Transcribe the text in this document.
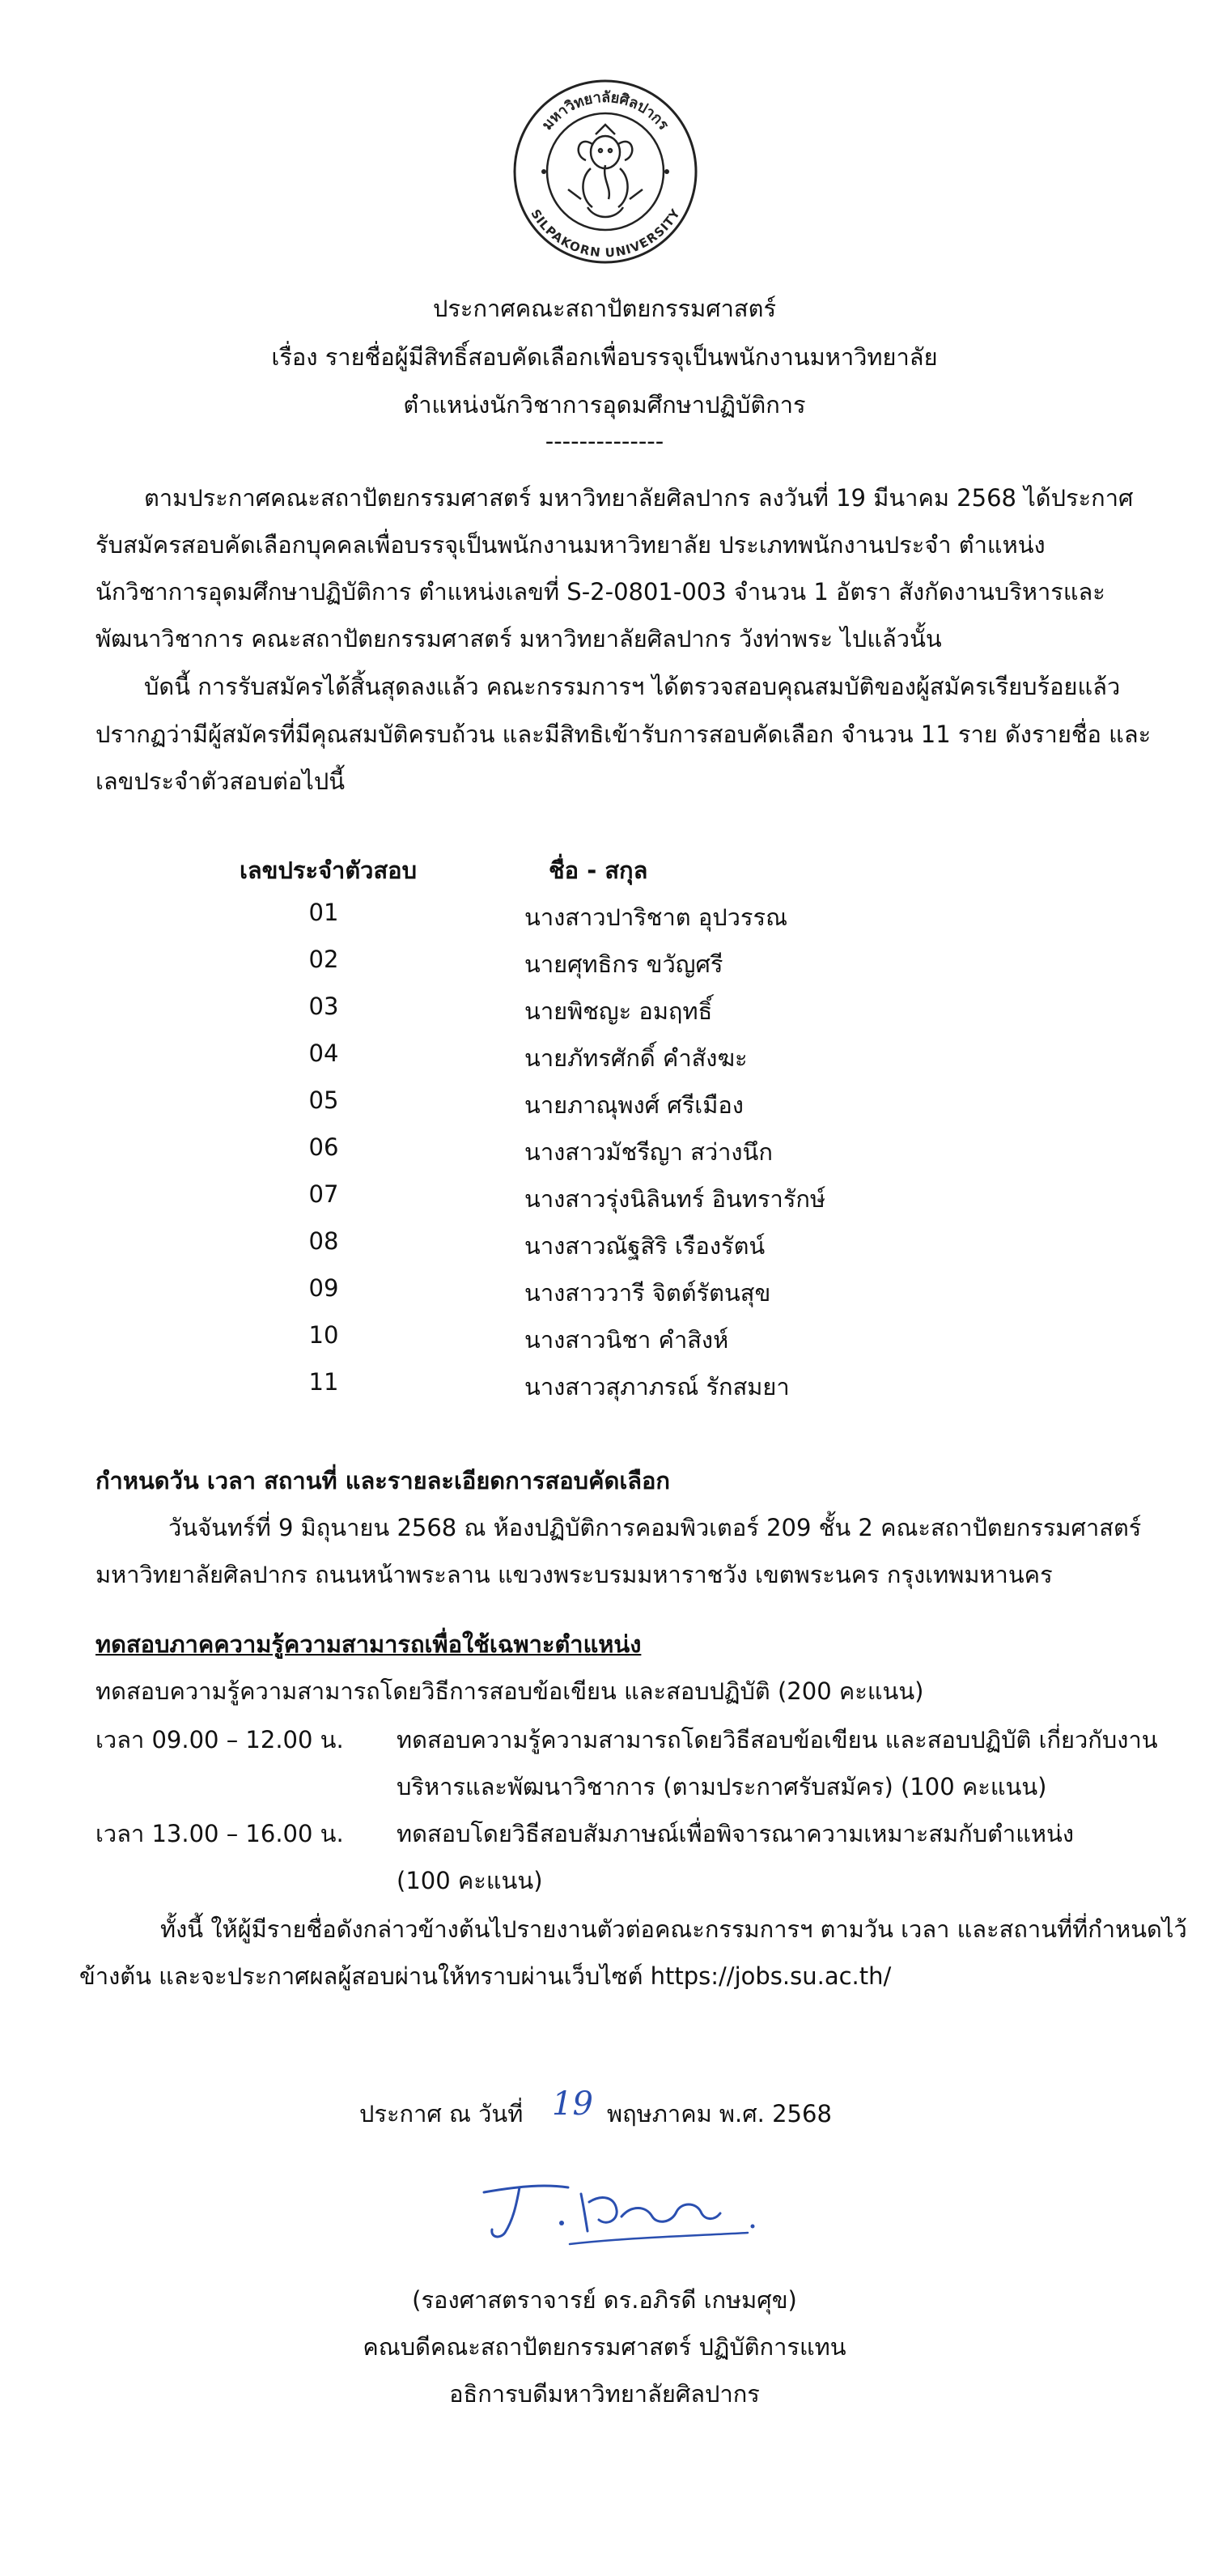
มหาวิทยาลัยศิลปากร
SILPAKORN UNIVERSITY
ประกาศคณะสถาปัตยกรรมศาสตร์
เรื่อง รายชื่อผู้มีสิทธิ์สอบคัดเลือกเพื่อบรรจุเป็นพนักงานมหาวิทยาลัย
ตำแหน่งนักวิชาการอุดมศึกษาปฏิบัติการ
--------------
ตามประกาศคณะสถาปัตยกรรมศาสตร์ มหาวิทยาลัยศิลปากร ลงวันที่ 19 มีนาคม 2568 ได้ประกาศ
รับสมัครสอบคัดเลือกบุคคลเพื่อบรรจุเป็นพนักงานมหาวิทยาลัย ประเภทพนักงานประจำ ตำแหน่ง
นักวิชาการอุดมศึกษาปฏิบัติการ ตำแหน่งเลขที่ S-2-0801-003 จำนวน 1 อัตรา สังกัดงานบริหารและ
พัฒนาวิชาการ คณะสถาปัตยกรรมศาสตร์ มหาวิทยาลัยศิลปากร วังท่าพระ ไปแล้วนั้น
บัดนี้ การรับสมัครได้สิ้นสุดลงแล้ว คณะกรรมการฯ ได้ตรวจสอบคุณสมบัติของผู้สมัครเรียบร้อยแล้ว
ปรากฏว่ามีผู้สมัครที่มีคุณสมบัติครบถ้วน และมีสิทธิเข้ารับการสอบคัดเลือก จำนวน 11 ราย ดังรายชื่อ และ
เลขประจำตัวสอบต่อไปนี้
เลขประจำตัวสอบ	ชื่อ - สกุล
01	นางสาวปาริชาต อุปวรรณ
02	นายศุทธิกร ขวัญศรี
03	นายพิชญะ อมฤทธิ์
04	นายภัทรศักดิ์ คำสังฆะ
05	นายภาณุพงศ์ ศรีเมือง
06	นางสาวมัชรีญา สว่างนึก
07	นางสาวรุ่งนิลินทร์ อินทรารักษ์
08	นางสาวณัฐสิริ เรืองรัตน์
09	นางสาววารี จิตต์รัตนสุข
10	นางสาวนิชา คำสิงห์
11	นางสาวสุภาภรณ์ รักสมยา
กำหนดวัน เวลา สถานที่ และรายละเอียดการสอบคัดเลือก
วันจันทร์ที่ 9 มิถุนายน 2568 ณ ห้องปฏิบัติการคอมพิวเตอร์ 209 ชั้น 2 คณะสถาปัตยกรรมศาสตร์
มหาวิทยาลัยศิลปากร ถนนหน้าพระลาน แขวงพระบรมมหาราชวัง เขตพระนคร กรุงเทพมหานคร
ทดสอบภาคความรู้ความสามารถเพื่อใช้เฉพาะตำแหน่ง
ทดสอบความรู้ความสามารถโดยวิธีการสอบข้อเขียน และสอบปฏิบัติ (200 คะแนน)
เวลา 09.00 – 12.00 น. ทดสอบความรู้ความสามารถโดยวิธีสอบข้อเขียน และสอบปฏิบัติ เกี่ยวกับงาน
บริหารและพัฒนาวิชาการ (ตามประกาศรับสมัคร) (100 คะแนน)
เวลา 13.00 – 16.00 น. ทดสอบโดยวิธีสอบสัมภาษณ์เพื่อพิจารณาความเหมาะสมกับตำแหน่ง
(100 คะแนน)
ทั้งนี้ ให้ผู้มีรายชื่อดังกล่าวข้างต้นไปรายงานตัวต่อคณะกรรมการฯ ตามวัน เวลา และสถานที่ที่กำหนดไว้
ข้างต้น และจะประกาศผลผู้สอบผ่านให้ทราบผ่านเว็บไซต์ https://jobs.su.ac.th/
ประกาศ ณ วันที่ 19 พฤษภาคม พ.ศ. 2568
(รองศาสตราจารย์ ดร.อภิรดี เกษมศุข)
คณบดีคณะสถาปัตยกรรมศาสตร์ ปฏิบัติการแทน
อธิการบดีมหาวิทยาลัยศิลปากร
